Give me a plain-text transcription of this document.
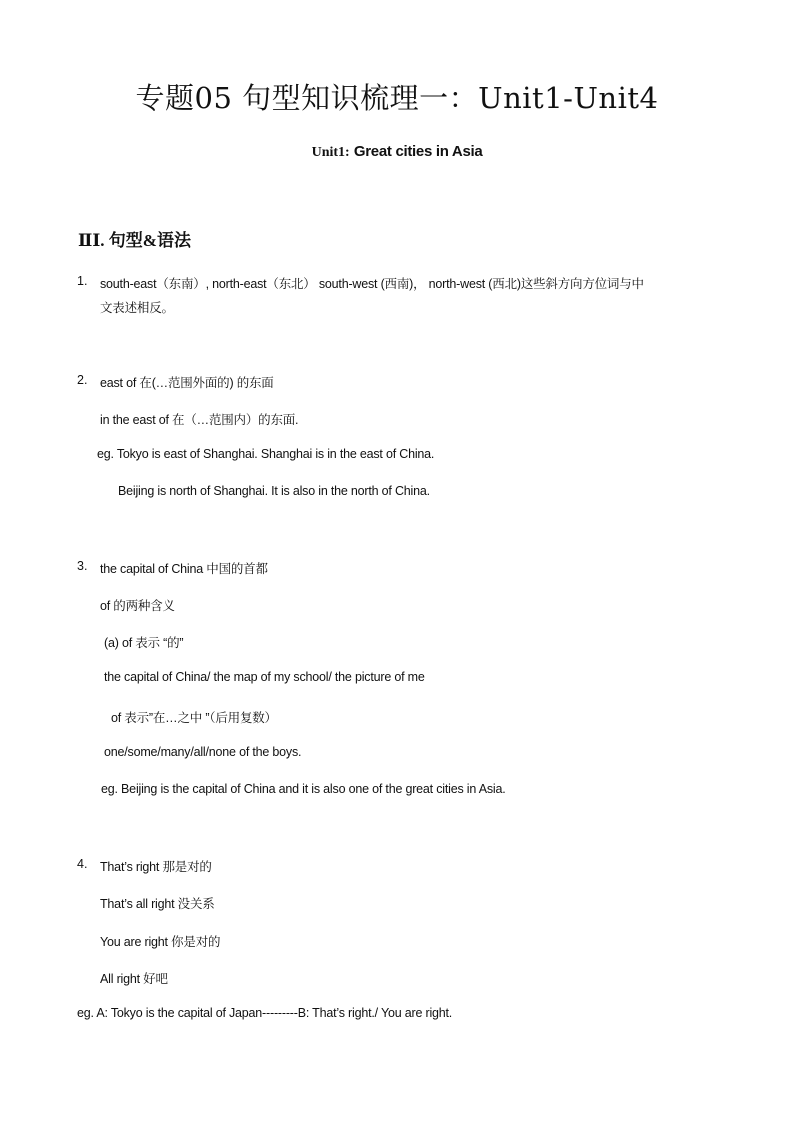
专题05 句型知识梳理一：Unit1-Unit4
Unit1: Great cities in Asia
ⅡⅠ. 句型&语法
1. south-east（东南）, north-east（东北） south-west (西南)， north-west (西北)这些斜方向方位词与中
文表述相反。
2. east of 在(…范围外面的) 的东面
in the east of 在（…范围内）的东面.
eg. Tokyo is east of Shanghai. Shanghai is in the east of China.
Beijing is north of Shanghai. It is also in the north of China.
3. the capital of China 中国的首都
of 的两种含义
(a) of 表示 “的”
the capital of China/ the map of my school/ the picture of me
of 表示”在…之中 ”（后用复数）
one/some/many/all/none of the boys.
eg. Beijing is the capital of China and it is also one of the great cities in Asia.
4. That’s right 那是对的
That’s all right 没关系
You are right 你是对的
All right 好吧
eg. A: Tokyo is the capital of Japan---------B: That’s right./ You are right.
